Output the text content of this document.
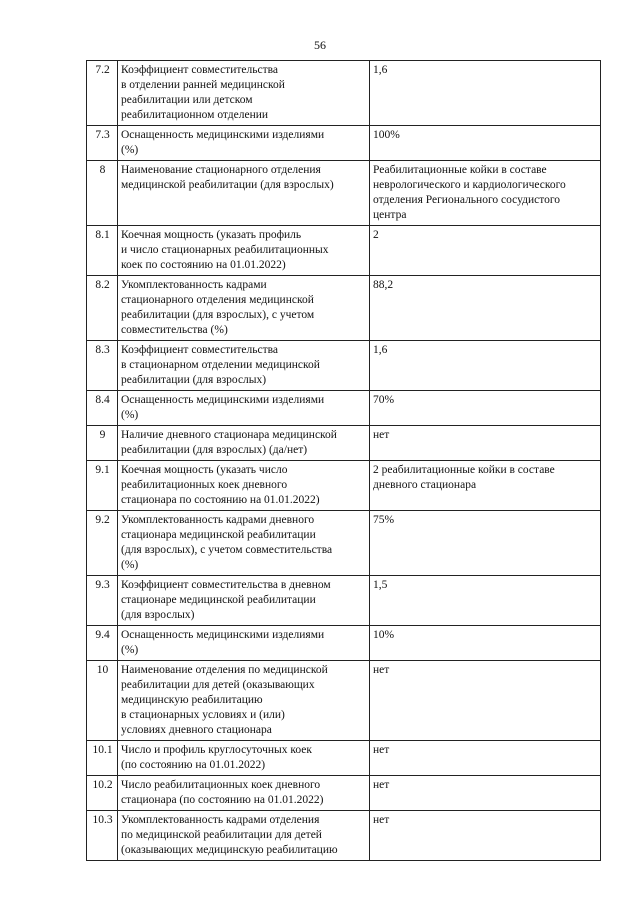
56
7.2	Коэффициент совместительства
в отделении ранней медицинской
реабилитации или детском
реабилитационном отделении	1,6
7.3	Оснащенность медицинскими изделиями
(%)	100%
8	Наименование стационарного отделения
медицинской реабилитации (для взрослых)	Реабилитационные койки в составе
неврологического и кардиологического
отделения Регионального сосудистого
центра
8.1	Коечная мощность (указать профиль
и число стационарных реабилитационных
коек по состоянию на 01.01.2022)	2
8.2	Укомплектованность кадрами
стационарного отделения медицинской
реабилитации (для взрослых), с учетом
совместительства (%)	88,2
8.3	Коэффициент совместительства
в стационарном отделении медицинской
реабилитации (для взрослых)	1,6
8.4	Оснащенность медицинскими изделиями
(%)	70%
9	Наличие дневного стационара медицинской
реабилитации (для взрослых) (да/нет)	нет
9.1	Коечная мощность (указать число
реабилитационных коек дневного
стационара по состоянию на 01.01.2022)	2 реабилитационные койки в составе
дневного стационара
9.2	Укомплектованность кадрами дневного
стационара медицинской реабилитации
(для взрослых), с учетом совместительства
(%)	75%
9.3	Коэффициент совместительства в дневном
стационаре медицинской реабилитации
(для взрослых)	1,5
9.4	Оснащенность медицинскими изделиями
(%)	10%
10	Наименование отделения по медицинской
реабилитации для детей (оказывающих
медицинскую реабилитацию
в стационарных условиях и (или)
условиях дневного стационара	нет
10.1	Число и профиль круглосуточных коек
(по состоянию на 01.01.2022)	нет
10.2	Число реабилитационных коек дневного
стационара (по состоянию на 01.01.2022)	нет
10.3	Укомплектованность кадрами отделения
по медицинской реабилитации для детей
(оказывающих медицинскую реабилитацию	нет
